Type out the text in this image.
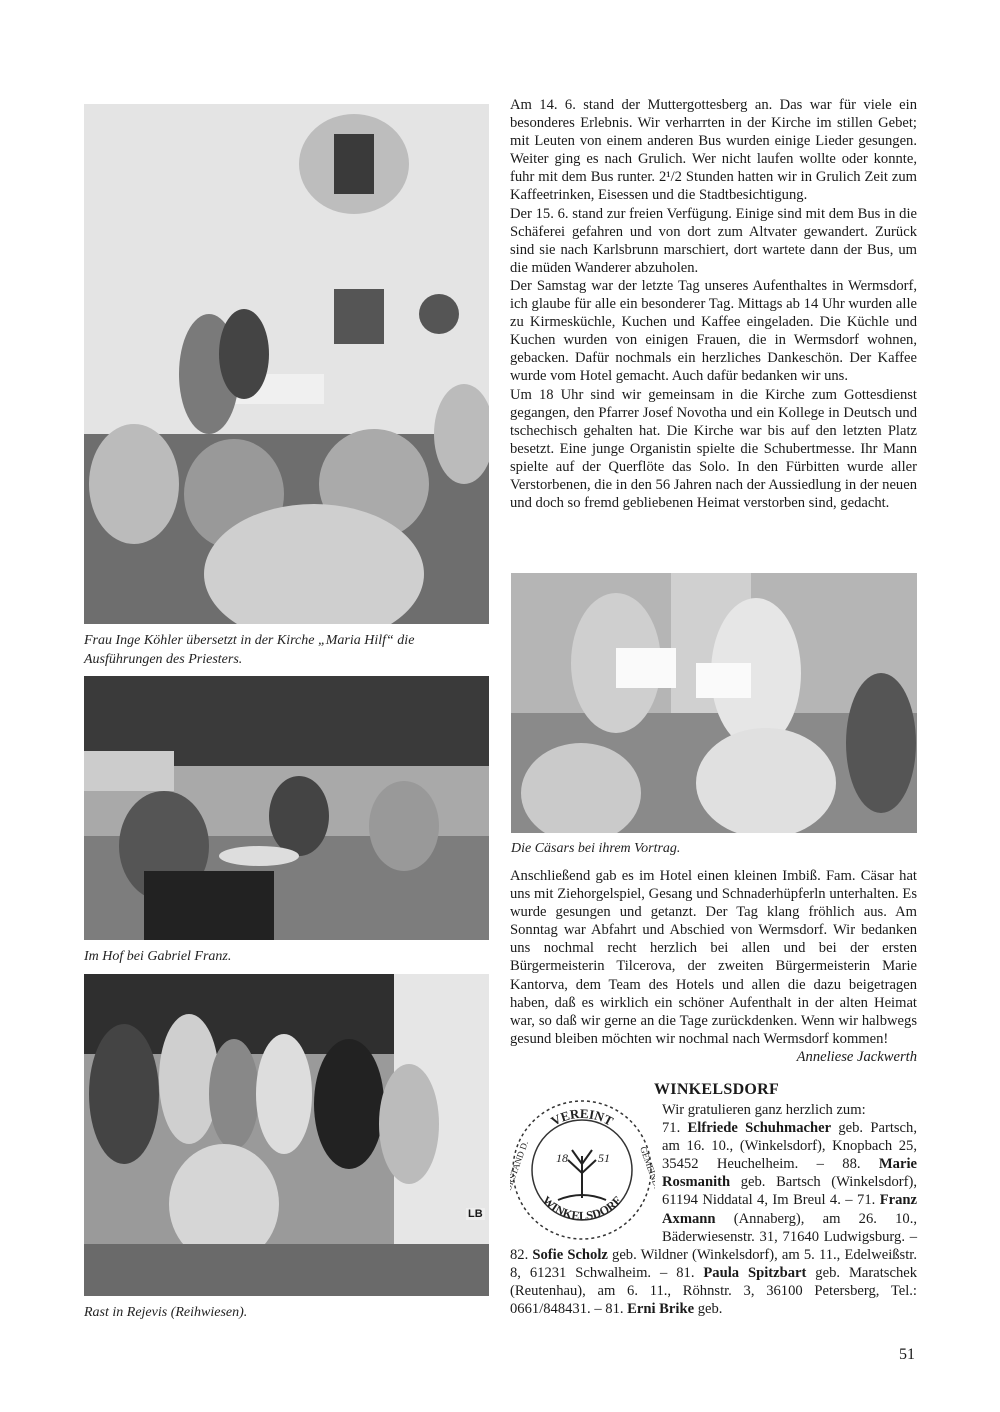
Frau Inge Köhler übersetzt in der Kirche „Maria Hilf“ die Ausführungen des Priesters.
Im Hof bei Gabriel Franz.
LB
Rast in Rejevis (Reihwiesen).

Am 14. 6. stand der Muttergottesberg an. Das war für viele ein besonderes Erlebnis. Wir verharrten in der Kirche im stillen Gebet; mit Leuten von einem anderen Bus wurden einige Lieder gesungen. Weiter ging es nach Grulich. Wer nicht laufen wollte oder konnte, fuhr mit dem Bus runter. 2¹/2 Stunden hatten wir in Grulich Zeit zum Kaffeetrinken, Eisessen und die Stadtbesichtigung.

Der 15. 6. stand zur freien Verfügung. Einige sind mit dem Bus in die Schäferei gefahren und von dort zum Altvater gewandert. Zurück sind sie nach Karlsbrunn marschiert, dort wartete dann der Bus, um die müden Wanderer abzuholen.

Der Samstag war der letzte Tag unseres Aufenthaltes in Wermsdorf, ich glaube für alle ein besonderer Tag. Mittags ab 14 Uhr wurden alle zu Kirmesküchle, Kuchen und Kaffee eingeladen. Die Küchle und Kuchen wurden von einigen Frauen, die in Wermsdorf wohnen, gebacken. Dafür nochmals ein herzliches Dankeschön. Der Kaffee wurde vom Hotel gemacht. Auch dafür bedanken wir uns.

Um 18 Uhr sind wir gemeinsam in die Kirche zum Gottesdienst gegangen, den Pfarrer Josef Novotha und ein Kollege in Deutsch und tschechisch gehalten hat. Die Kirche war bis auf den letzten Platz besetzt. Eine junge Organistin spielte die Schubertmesse. Ihr Mann spielte auf der Querflöte das Solo. In den Fürbitten wurde aller Verstorbenen, die in den 56 Jahren nach der Aussiedlung in der neuen und doch so fremd gebliebenen Heimat verstorben sind, gedacht.

Die Cäsars bei ihrem Vortrag.

Anschließend gab es im Hotel einen kleinen Imbiß. Fam. Cäsar hat uns mit Ziehorgelspiel, Gesang und Schnaderhüpferln unterhalten. Es wurde gesungen und getanzt. Der Tag klang fröhlich aus. Am Sonntag war Abfahrt und Abschied von Wermsdorf. Wir bedanken uns nochmal recht herzlich bei allen und bei der ersten Bürgermeisterin Tilcerova, der zweiten Bürgermeisterin Marie Kantorva, dem Team des Hotels und allen die dazu beigetragen haben, daß es wirklich ein schöner Aufenthalt in der alten Heimat war, so daß wir gerne an die Tage zurückdenken. Wenn wir halbwegs gesund bleiben möchten wir nochmal nach Wermsdorf kommen!
Anneliese Jackwerth

WINKELSDORF
VEREINT
WINKELSDORF
VORSTAND D.	GEMEINDE
18	51

Wir gratulieren ganz herzlich zum:
71. Elfriede Schuhmacher geb. Partsch, am 16. 10., (Winkelsdorf), Knopbach 25, 35452 Heuchelheim. – 88. Marie Rosmanith geb. Bartsch (Winkelsdorf), 61194 Niddatal 4, Im Breul 4. – 71. Franz Axmann (Annaberg), am 26. 10., Bäderwiesenstr. 31, 71640 Ludwigsburg. – 82. Sofie Scholz geb. Wildner (Winkelsdorf), am 5. 11., Edelweißstr. 8, 61231 Schwalheim. – 81. Paula Spitzbart geb. Maratschek (Reutenhau), am 6. 11., Röhnstr. 3, 36100 Petersberg, Tel.: 0661/848431. – 81. Erni Brike geb.

51
